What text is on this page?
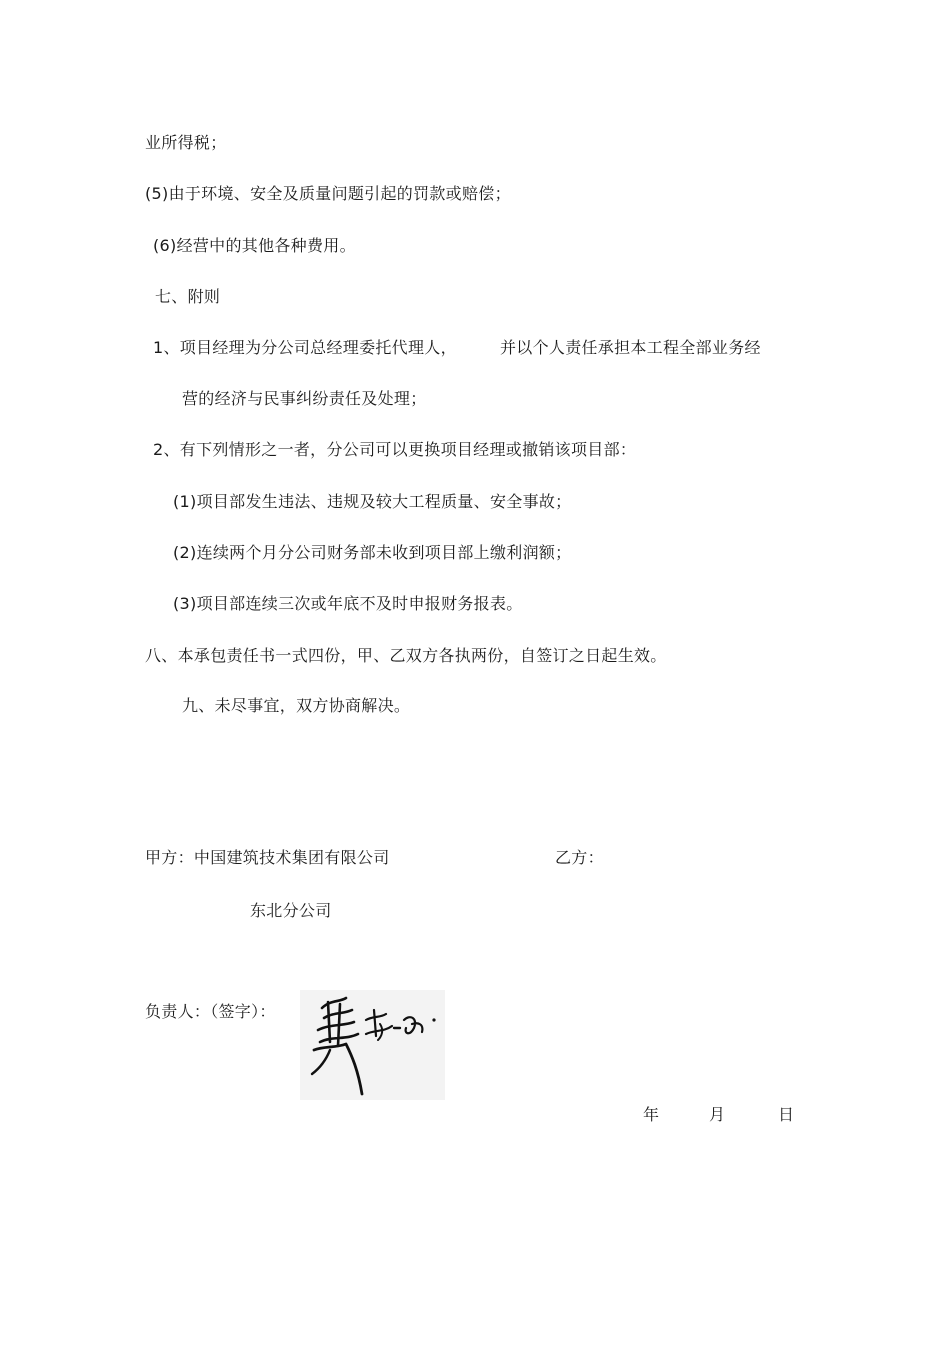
业所得税；
(5)由于环境、安全及质量问题引起的罚款或赔偿；
(6)经营中的其他各种费用。
七、附则
1、项目经理为分公司总经理委托代理人，	并以个人责任承担本工程全部业务经
营的经济与民事纠纷责任及处理；
2、有下列情形之一者，分公司可以更换项目经理或撤销该项目部：
(1)项目部发生违法、违规及较大工程质量、安全事故；
(2)连续两个月分公司财务部未收到项目部上缴利润额；
(3)项目部连续三次或年底不及时申报财务报表。
八、本承包责任书一式四份，甲、乙双方各执两份，自签订之日起生效。
九、未尽事宜，双方协商解决。
甲方：中国建筑技术集团有限公司	乙方：
东北分公司
负责人：（签字）：
年	月	日
